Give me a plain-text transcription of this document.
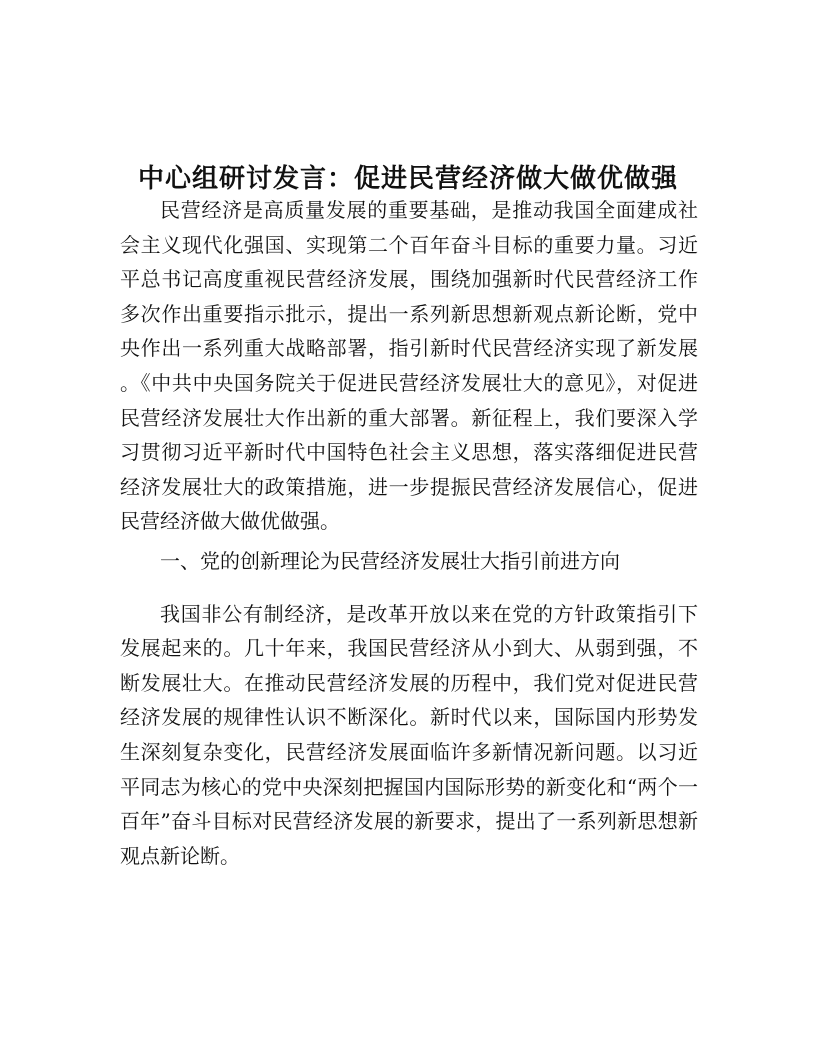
中心组研讨发言：促进民营经济做大做优做强

民营经济是高质量发展的重要基础，是推动我国全面建成社会主义现代化强国、实现第二个百年奋斗目标的重要力量。习近平总书记高度重视民营经济发展，围绕加强新时代民营经济工作多次作出重要指示批示，提出一系列新思想新观点新论断，党中央作出一系列重大战略部署，指引新时代民营经济实现了新发展。《中共中央国务院关于促进民营经济发展壮大的意见》，对促进民营经济发展壮大作出新的重大部署。新征程上，我们要深入学习贯彻习近平新时代中国特色社会主义思想，落实落细促进民营经济发展壮大的政策措施，进一步提振民营经济发展信心，促进民营经济做大做优做强。

一、党的创新理论为民营经济发展壮大指引前进方向

我国非公有制经济，是改革开放以来在党的方针政策指引下发展起来的。几十年来，我国民营经济从小到大、从弱到强，不断发展壮大。在推动民营经济发展的历程中，我们党对促进民营经济发展的规律性认识不断深化。新时代以来，国际国内形势发生深刻复杂变化，民营经济发展面临许多新情况新问题。以习近平同志为核心的党中央深刻把握国内国际形势的新变化和“两个一百年”奋斗目标对民营经济发展的新要求，提出了一系列新思想新观点新论断。
